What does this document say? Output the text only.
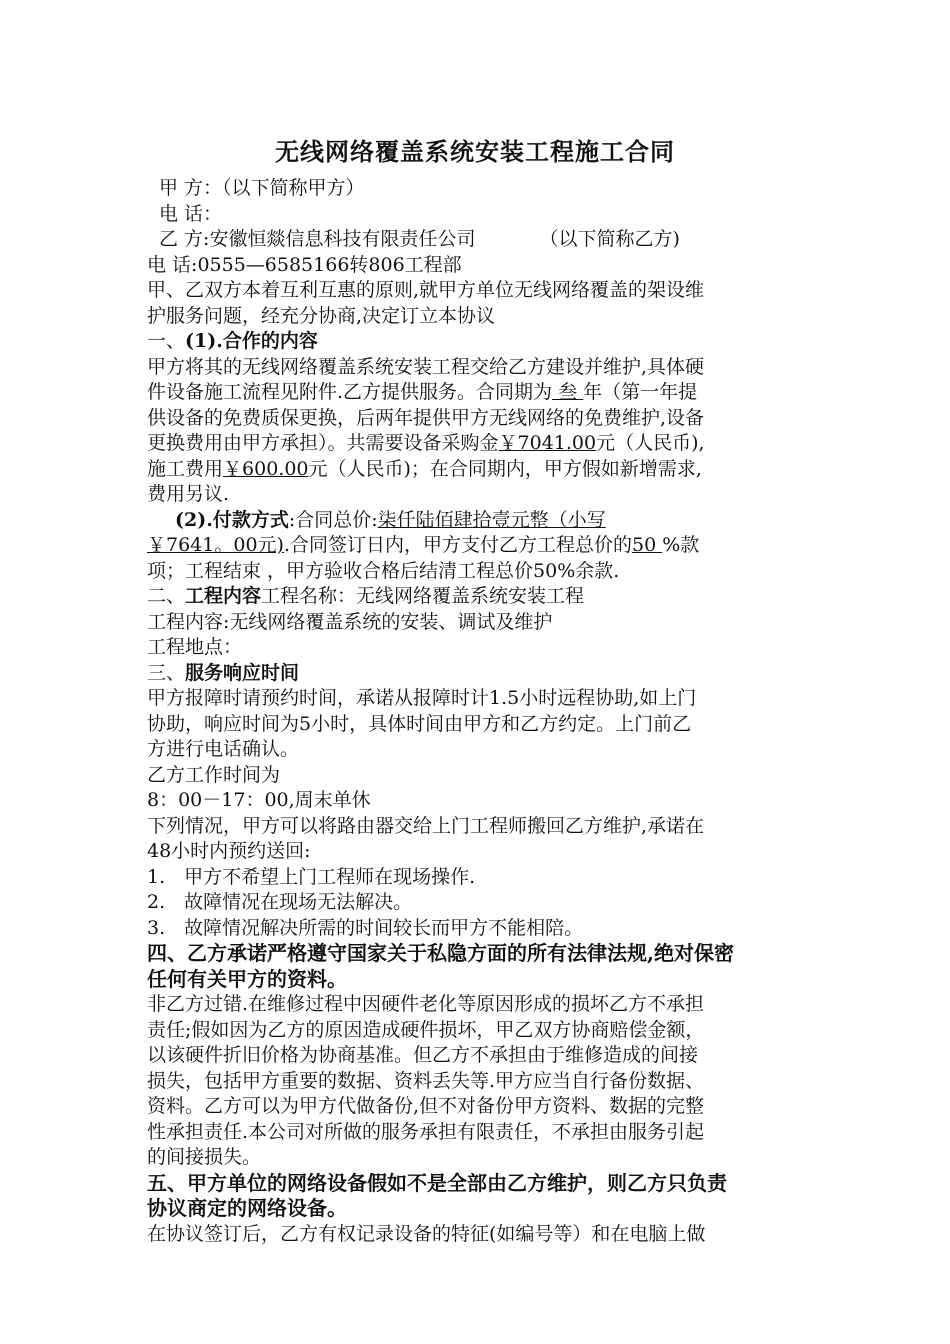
无线网络覆盖系统安装工程施工合同
甲 方：（以下简称甲方）
电 话：
乙 方:安徽恒燚信息科技有限责任公司	（以下简称乙方)
电 话:0555—6585166转806工程部
甲、乙双方本着互利互惠的原则,就甲方单位无线网络覆盖的架设维
护服务问题，经充分协商,决定订立本协议
一、(1).合作的内容
甲方将其的无线网络覆盖系统安装工程交给乙方建设并维护,具体硬
件设备施工流程见附件.乙方提供服务。合同期为 叁 年（第一年提
供设备的免费质保更换，后两年提供甲方无线网络的免费维护,设备
更换费用由甲方承担）。共需要设备采购金￥7041.00元（人民币),
施工费用￥600.00元（人民币)；在合同期内，甲方假如新增需求,
费用另议.
(2).付款方式:合同总价:柒仟陆佰肆拾壹元整（小写
￥7641。00元).合同签订日内，甲方支付乙方工程总价的50 %款
项；工程结束 ，甲方验收合格后结清工程总价50%余款.
二、工程内容工程名称：无线网络覆盖系统安装工程
工程内容:无线网络覆盖系统的安装、调试及维护
工程地点：
三、服务响应时间
甲方报障时请预约时间，承诺从报障时计1.5小时远程协助,如上门
协助，响应时间为5小时，具体时间由甲方和乙方约定。上门前乙
方进行电话确认。
乙方工作时间为
8：00－17：00,周末单休
下列情况，甲方可以将路由器交给上门工程师搬回乙方维护,承诺在
48小时内预约送回:
1.　甲方不希望上门工程师在现场操作.
2.　故障情况在现场无法解决。
3.　故障情况解决所需的时间较长而甲方不能相陪。
四、乙方承诺严格遵守国家关于私隐方面的所有法律法规,绝对保密
任何有关甲方的资料。
非乙方过错.在维修过程中因硬件老化等原因形成的损坏乙方不承担
责任;假如因为乙方的原因造成硬件损坏，甲乙双方协商赔偿金额，
以该硬件折旧价格为协商基准。但乙方不承担由于维修造成的间接
损失，包括甲方重要的数据、资料丢失等.甲方应当自行备份数据、
资料。乙方可以为甲方代做备份,但不对备份甲方资料、数据的完整
性承担责任.本公司对所做的服务承担有限责任，不承担由服务引起
的间接损失。
五、甲方单位的网络设备假如不是全部由乙方维护，则乙方只负责
协议商定的网络设备。
在协议签订后，乙方有权记录设备的特征(如编号等）和在电脑上做
